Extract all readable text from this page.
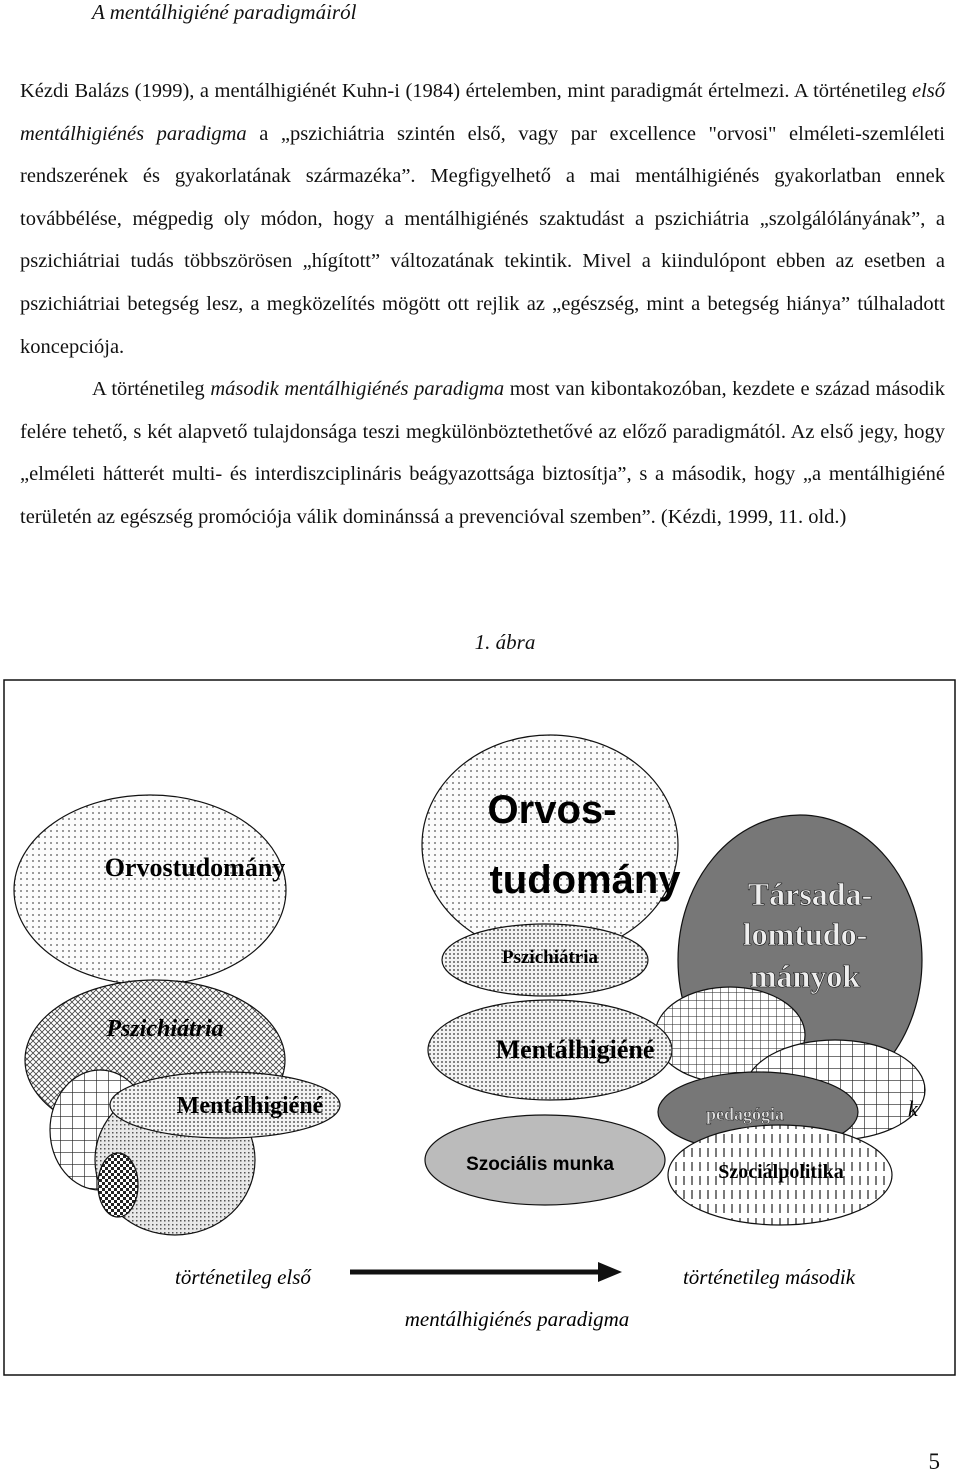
A mentálhigiéné paradigmáiról

Kézdi Balázs (1999), a mentálhigiénét Kuhn-i (1984) értelemben, mint paradigmát értelmezi. A történetileg első mentálhigiénés paradigma a „pszichiátria szintén első, vagy par excellence "orvosi" elméleti-szemléleti rendszerének és gyakorlatának származéka”. Megfigyelhető a mai mentálhigiénés gyakorlatban ennek továbbélése, mégpedig oly módon, hogy a mentálhigiénés szaktudást a pszichiátria „szolgálólányának”, a pszichiátriai tudás többszörösen „hígított” változatának tekintik. Mivel a kiindulópont ebben az esetben a pszichiátriai betegség lesz, a megközelítés mögött ott rejlik az „egészség, mint a betegség hiánya” túlhaladott koncepciója.

A történetileg második mentálhigiénés paradigma most van kibontakozóban, kezdete e század második felére tehető, s két alapvető tulajdonsága teszi megkülönböztethetővé az előző paradigmától. Az első jegy, hogy „elméleti hátterét multi- és interdiszciplináris beágyazottsága biztosítja”, s a második, hogy „a mentálhigiéné területén az egészség promóciója válik dominánssá a prevencióval szemben”. (Kézdi, 1999, 11. old.)

1. ábra
Orvostudomány
Pszichiátria
Mentálhigiéné
Orvos-
tudomány Társada-
lomtudo-
mányok
k
Pszichiátria
Szociális munka
Mentálhigiéné
pedagógia
Szociálpolitika
történetileg első	történetileg második
mentálhigiénés paradigma
5
